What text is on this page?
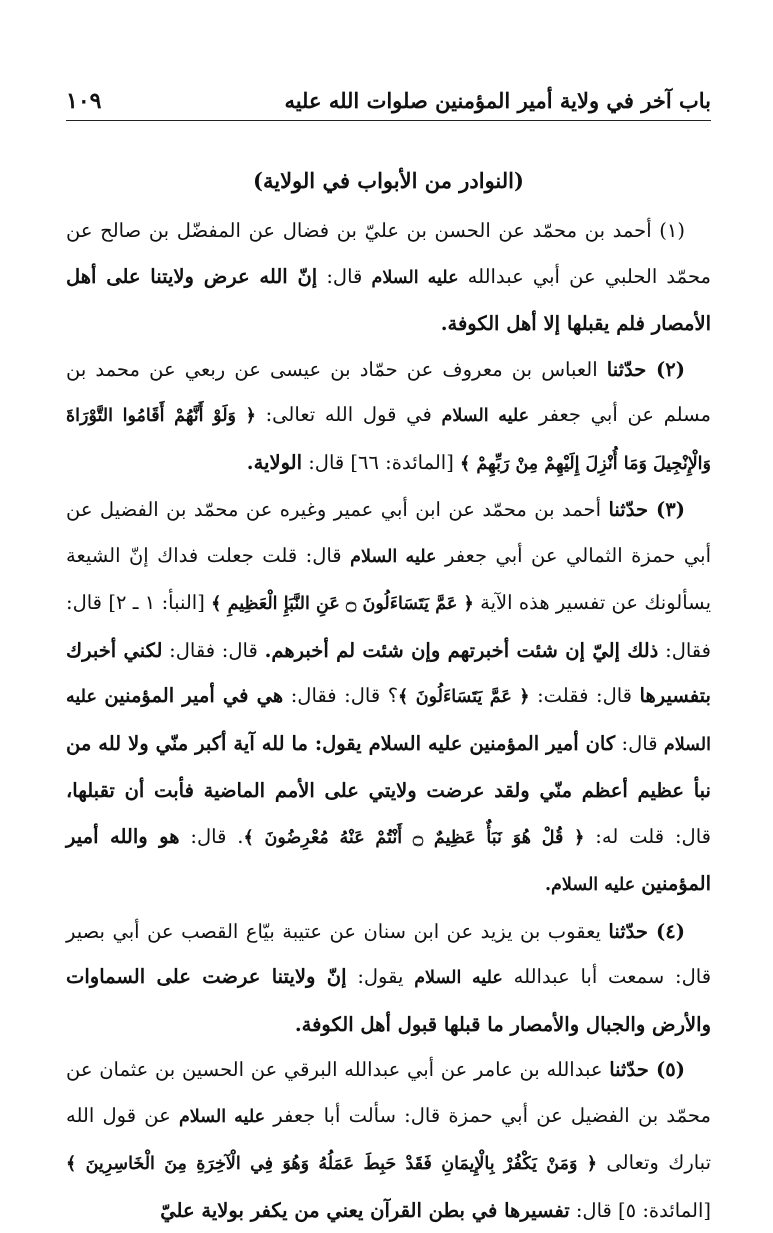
باب آخر في ولاية أمير المؤمنين صلوات الله عليه
١٠٩
(النوادر من الأبواب في الولاية)

(١) أحمد بن محمّد عن الحسن بن عليّ بن فضال عن المفضّل بن صالح عن محمّد الحلبي عن أبي عبدالله عليه السلام قال: إنّ الله عرض ولايتنا على أهل الأمصار فلم يقبلها إلا أهل الكوفة.

(٢) حدّثنا العباس بن معروف عن حمّاد بن عيسى عن ربعي عن محمد بن مسلم عن أبي جعفر عليه السلام في قول الله تعالى: ﴿ وَلَوْ أَنَّهُمْ أَقَامُوا التَّوْرَاةَ وَالْإِنْجِيلَ وَمَا أُنْزِلَ إِلَيْهِمْ مِنْ رَبِّهِمْ ﴾ [المائدة: ٦٦] قال: الولاية.

(٣) حدّثنا أحمد بن محمّد عن ابن أبي عمير وغيره عن محمّد بن الفضيل عن أبي حمزة الثمالي عن أبي جعفر عليه السلام قال: قلت جعلت فداك إنّ الشيعة يسألونك عن تفسير هذه الآية ﴿ عَمَّ يَتَسَاءَلُونَ ۝ عَنِ النَّبَإِ الْعَظِيمِ ﴾ [النبأ: ١ ـ ٢] قال: فقال: ذلك إليّ إن شئت أخبرتهم وإن شئت لم أخبرهم. قال: فقال: لكني أخبرك بتفسيرها قال: فقلت: ﴿ عَمَّ يَتَسَاءَلُونَ ﴾؟ قال: فقال: هي في أمير المؤمنين عليه السلام قال: كان أمير المؤمنين عليه السلام يقول: ما لله آية أكبر منّي ولا لله من نبأ عظيم أعظم منّي ولقد عرضت ولايتي على الأمم الماضية فأبت أن تقبلها، قال: قلت له: ﴿ قُلْ هُوَ نَبَأٌ عَظِيمٌ ۝ أَنْتُمْ عَنْهُ مُعْرِضُونَ ﴾. قال: هو والله أمير المؤمنين عليه السلام.

(٤) حدّثنا يعقوب بن يزيد عن ابن سنان عن عتيبة بيّاع القصب عن أبي بصير قال: سمعت أبا عبدالله عليه السلام يقول: إنّ ولايتنا عرضت على السماوات والأرض والجبال والأمصار ما قبلها قبول أهل الكوفة.

(٥) حدّثنا عبدالله بن عامر عن أبي عبدالله البرقي عن الحسين بن عثمان عن محمّد بن الفضيل عن أبي حمزة قال: سألت أبا جعفر عليه السلام عن قول الله تبارك وتعالى ﴿ وَمَنْ يَكْفُرْ بِالْإِيمَانِ فَقَدْ حَبِطَ عَمَلُهُ وَهُوَ فِي الْآخِرَةِ مِنَ الْخَاسِرِينَ ﴾ [المائدة: ٥] قال: تفسيرها في بطن القرآن يعني من يكفر بولاية عليّ
